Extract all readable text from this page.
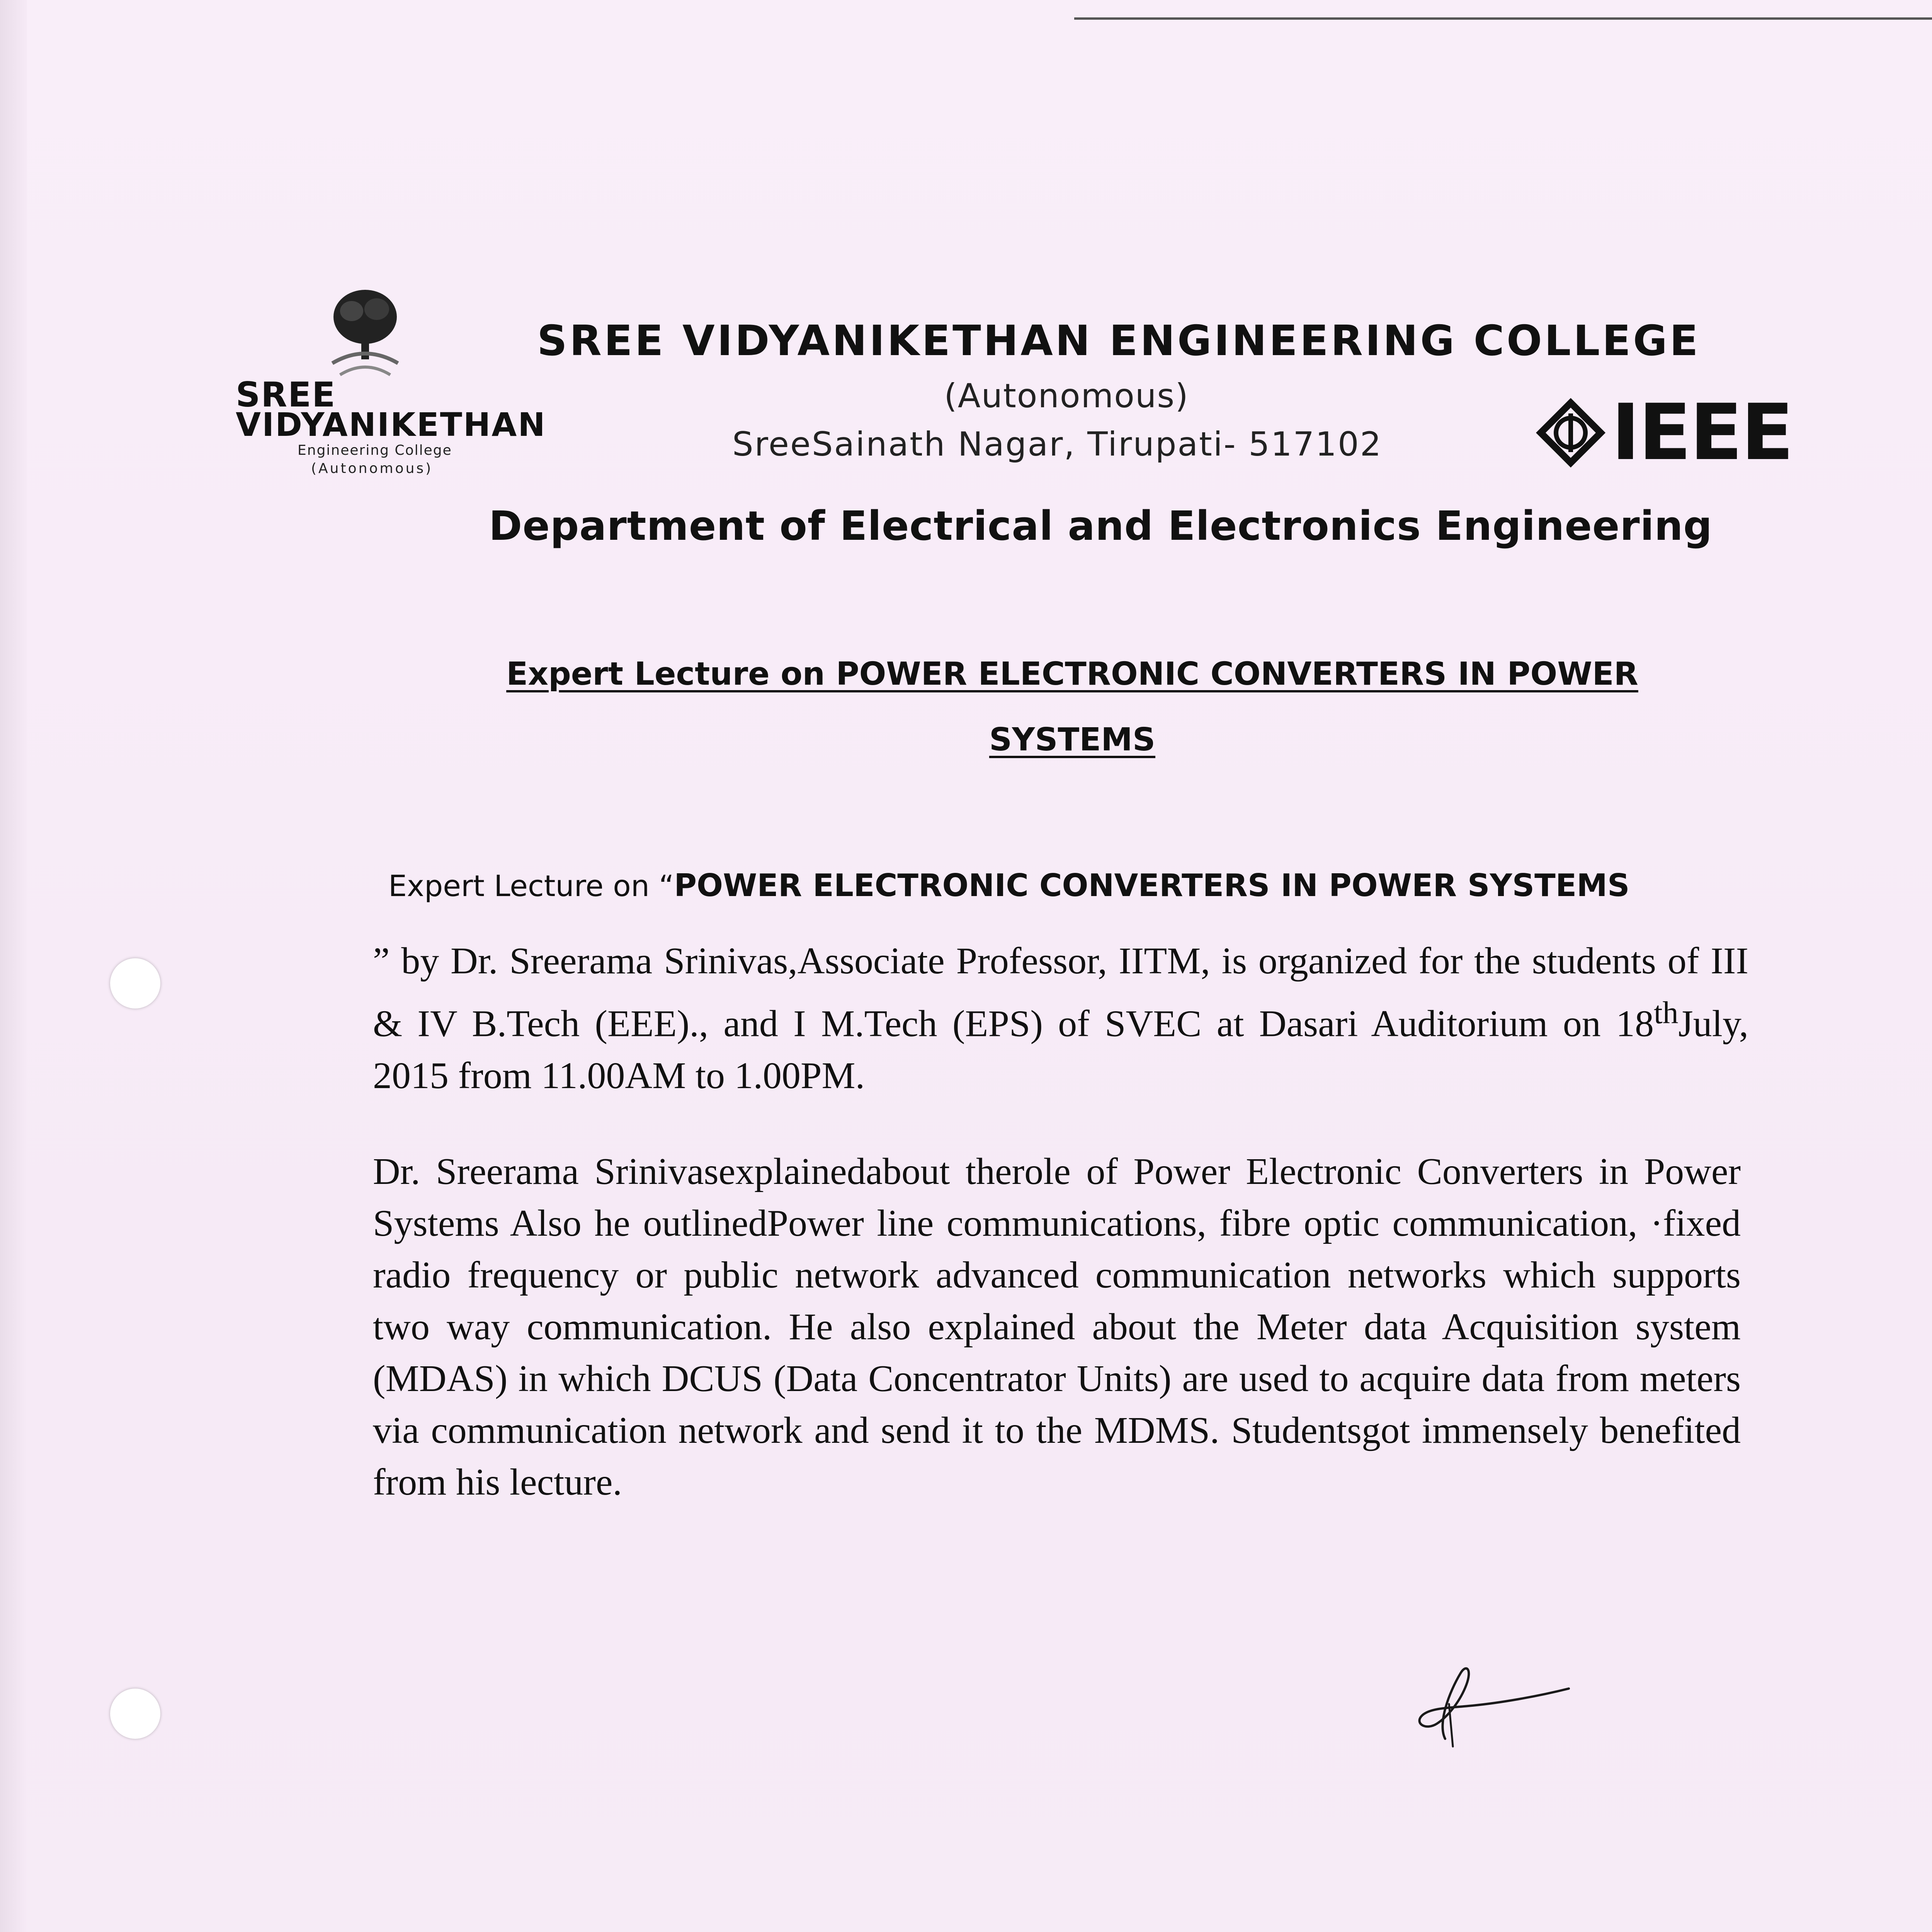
SREE
VIDYANIKETHAN
Engineering College
(Autonomous)
SREE VIDYANIKETHAN ENGINEERING COLLEGE
(Autonomous)
SreeSainath Nagar, Tirupati- 517102	IEEE
Department of Electrical and Electronics Engineering
Expert Lecture on POWER ELECTRONIC CONVERTERS IN POWER
SYSTEMS
Expert Lecture on “POWER ELECTRONIC CONVERTERS IN POWER SYSTEMS
” by Dr. Sreerama Srinivas,Associate Professor, IITM, is organized for the students of III & IV B.Tech (EEE)., and I M.Tech (EPS) of SVEC at Dasari Auditorium on 18thJuly, 2015 from 11.00AM to 1.00PM.
Dr. Sreerama Srinivasexplainedabout therole of Power Electronic Converters in Power Systems Also he outlinedPower line communications, fibre optic communication, ·fixed radio frequency or public network advanced communication networks which supports two way communication. He also explained about the Meter data Acquisition system (MDAS) in which DCUS (Data Concentrator Units) are used to acquire data from meters via communication network and send it to the MDMS. Studentsgot immensely benefited from his lecture.
